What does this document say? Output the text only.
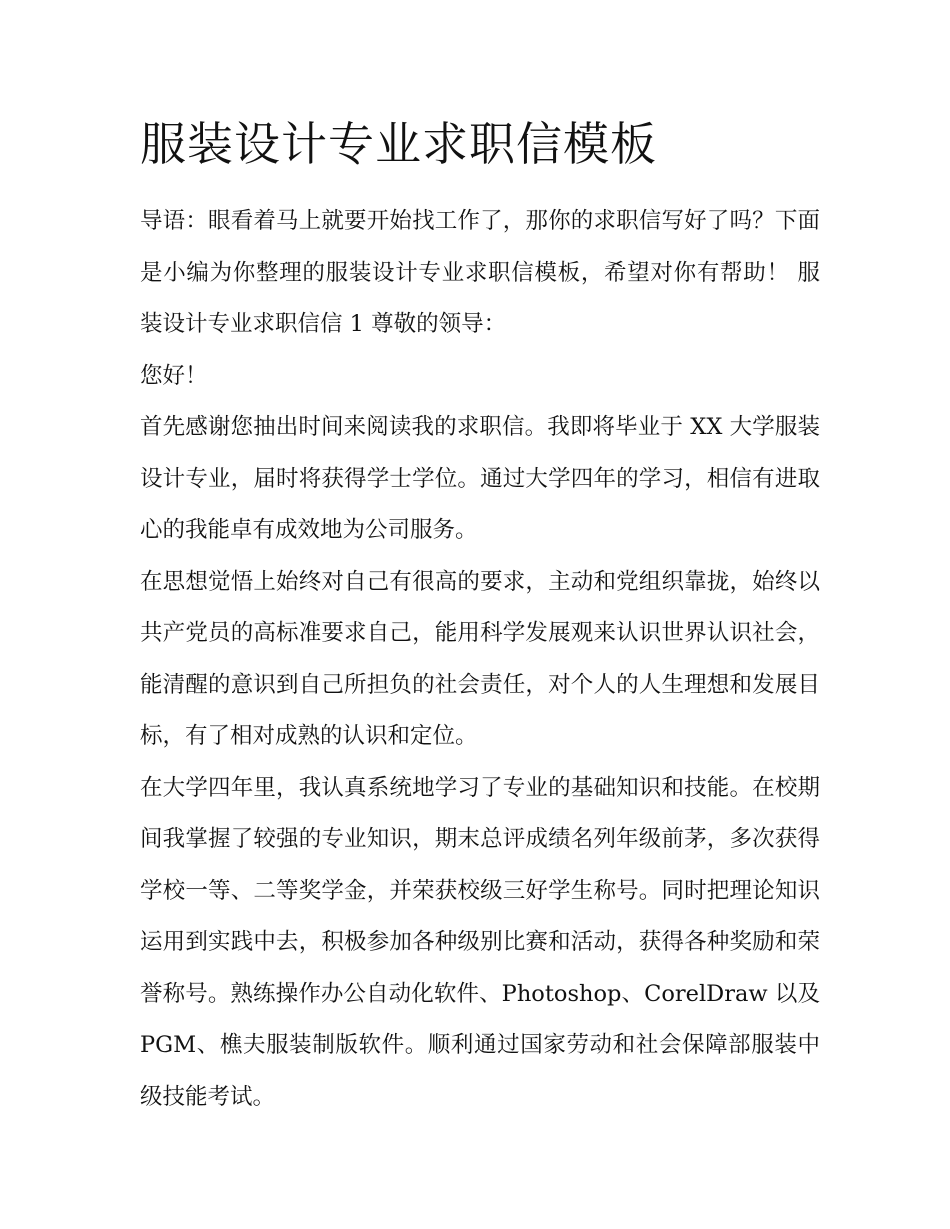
服装设计专业求职信模板

导语：眼看着马上就要开始找工作了，那你的求职信写好了吗？下面是小编为你整理的服装设计专业求职信模板，希望对你有帮助！ 服装设计专业求职信信 1 尊敬的领导：

您好！

首先感谢您抽出时间来阅读我的求职信。我即将毕业于 XX 大学服装设计专业，届时将获得学士学位。通过大学四年的学习，相信有进取心的我能卓有成效地为公司服务。

在思想觉悟上始终对自己有很高的要求，主动和党组织靠拢，始终以共产党员的高标准要求自己，能用科学发展观来认识世界认识社会，能清醒的意识到自己所担负的社会责任，对个人的人生理想和发展目标，有了相对成熟的认识和定位。

在大学四年里，我认真系统地学习了专业的基础知识和技能。在校期间我掌握了较强的专业知识，期末总评成绩名列年级前茅，多次获得学校一等、二等奖学金，并荣获校级三好学生称号。同时把理论知识运用到实践中去，积极参加各种级别比赛和活动，获得各种奖励和荣誉称号。熟练操作办公自动化软件、Photoshop、CorelDraw 以及 PGM、樵夫服装制版软件。顺利通过国家劳动和社会保障部服装中级技能考试。
